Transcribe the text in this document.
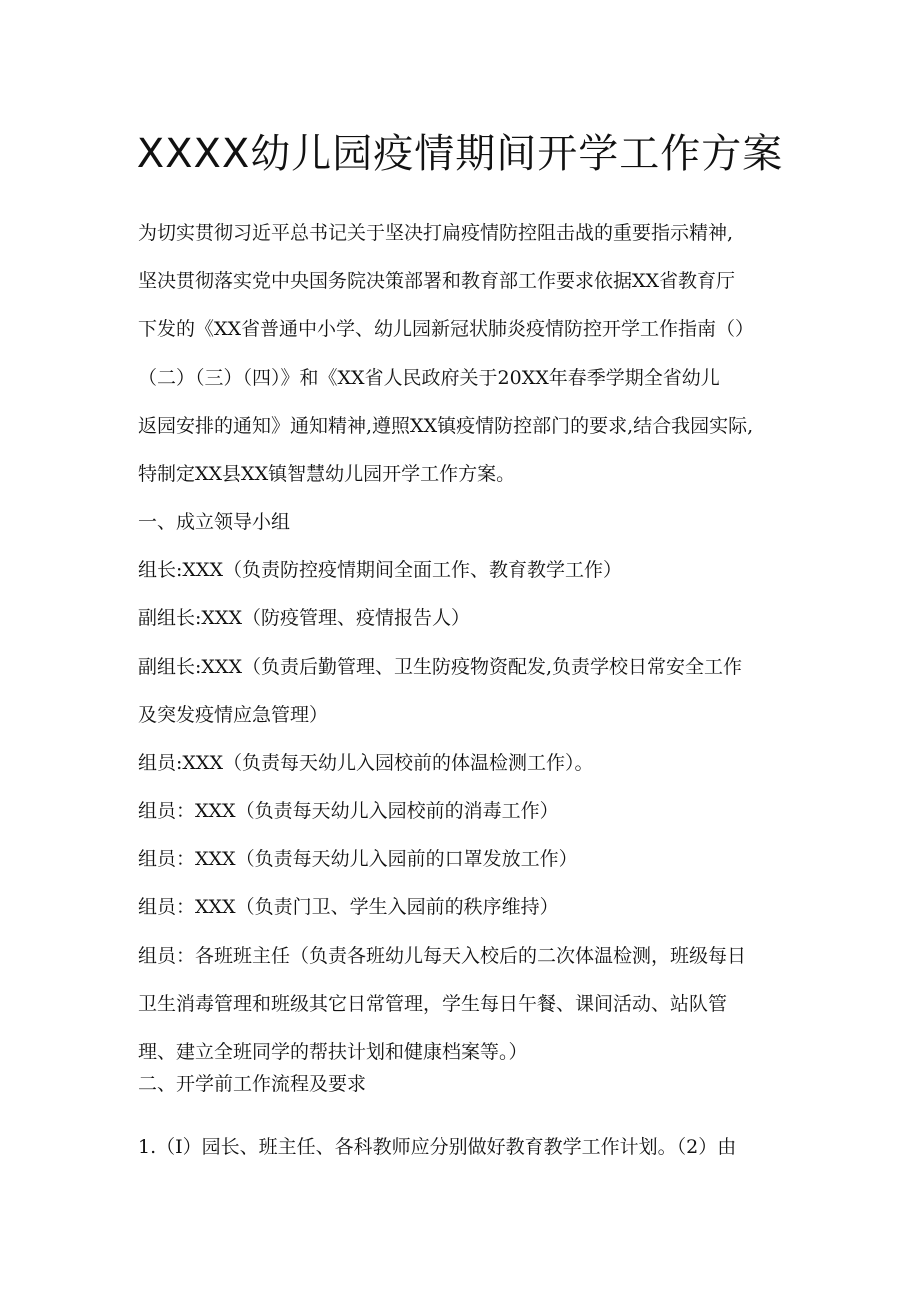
XXXX幼儿园疫情期间开学工作方案
为切实贯彻习近平总书记关于坚决打扁疫情防控阻击战的重要指示精神,
坚决贯彻落实党中央国务院决策部署和教育部工作要求依据XX省教育厅
下发的《XX省普通中小学、幼儿园新冠状肺炎疫情防控开学工作指南（）
（二）（三）（四）》和《XX省人民政府关于20XX年春季学期全省幼儿
返园安排的通知》通知精神,遵照XX镇疫情防控部门的要求,结合我园实际,
特制定XX县XX镇智慧幼儿园开学工作方案。
一、成立领导小组
组长:XXX（负责防控疫情期间全面工作、教育教学工作）
副组长:XXX（防疫管理、疫情报告人）
副组长:XXX（负责后勤管理、卫生防疫物资配发,负责学校日常安全工作
及突发疫情应急管理）
组员:XXX（负责每天幼儿入园校前的体温检测工作）。
组员：XXX（负责每天幼儿入园校前的消毒工作）
组员：XXX（负责每天幼儿入园前的口罩发放工作）
组员：XXX（负责门卫、学生入园前的秩序维持）
组员：各班班主任（负责各班幼儿每天入校后的二次体温检测，班级每日
卫生消毒管理和班级其它日常管理，学生每日午餐、课间活动、站队管
理、建立全班同学的帮扶计划和健康档案等。）
二、开学前工作流程及要求
1.（I）园长、班主任、各科教师应分别做好教育教学工作计划。（2）由
